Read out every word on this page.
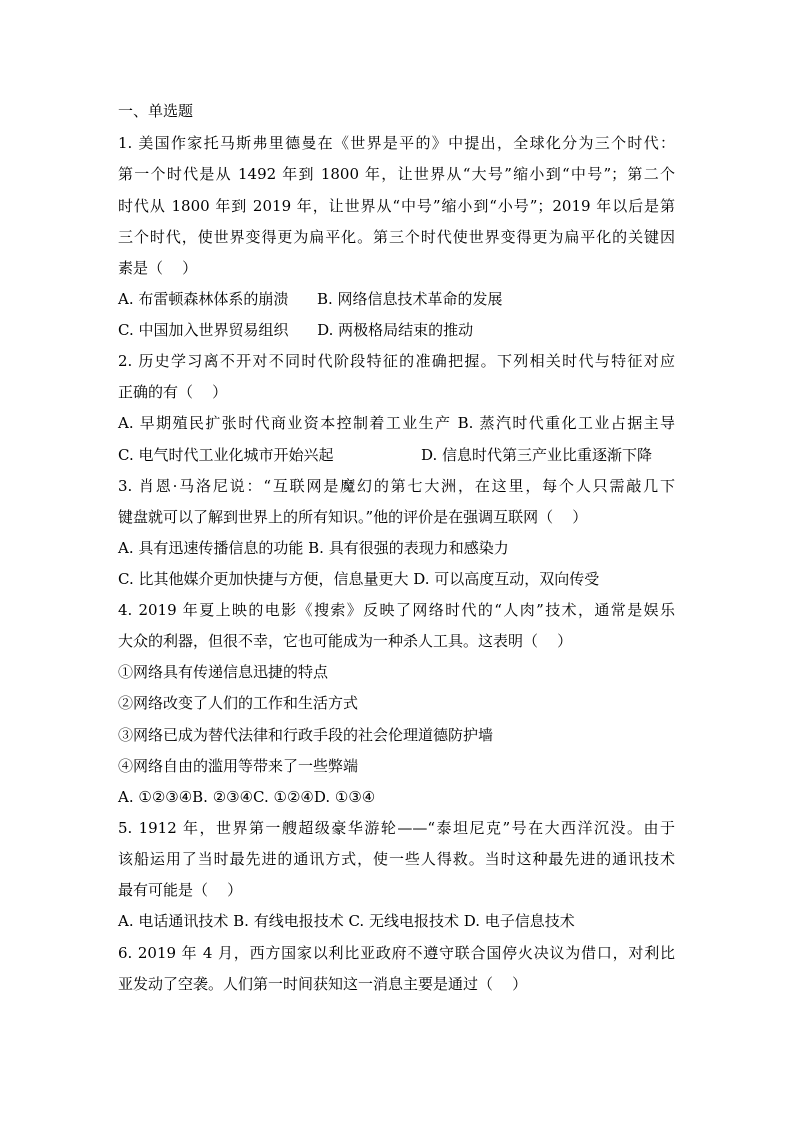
一、单选题
1. 美国作家托马斯弗里德曼在《世界是平的》中提出，全球化分为三个时代：
第一个时代是从 1492 年到 1800 年，让世界从“大号”缩小到“中号”；第二个
时代从 1800 年到 2019 年，让世界从“中号”缩小到“小号”；2019 年以后是第
三个时代，使世界变得更为扁平化。第三个时代使世界变得更为扁平化的关键因
素是（    ）
A. 布雷顿森林体系的崩溃      B. 网络信息技术革命的发展
C. 中国加入世界贸易组织      D. 两极格局结束的推动
2. 历史学习离不开对不同时代阶段特征的准确把握。下列相关时代与特征对应
正确的有（    ）
A. 早期殖民扩张时代商业资本控制着工业生产 B. 蒸汽时代重化工业占据主导
C. 电气时代工业化城市开始兴起	D. 信息时代第三产业比重逐渐下降
3. 肖恩·马洛尼说：“互联网是魔幻的第七大洲，在这里，每个人只需敲几下
键盘就可以了解到世界上的所有知识。”他的评价是在强调互联网（    ）
A. 具有迅速传播信息的功能 B. 具有很强的表现力和感染力
C. 比其他媒介更加快捷与方便，信息量更大 D. 可以高度互动，双向传受
4. 2019 年夏上映的电影《搜索》反映了网络时代的“人肉”技术，通常是娱乐
大众的利器，但很不幸，它也可能成为一种杀人工具。这表明（    ）
①网络具有传递信息迅捷的特点
②网络改变了人们的工作和生活方式
③网络已成为替代法律和行政手段的社会伦理道德防护墙
④网络自由的滥用等带来了一些弊端
A. ①②③④B. ②③④C. ①②④D. ①③④
5. 1912 年，世界第一艘超级豪华游轮——“泰坦尼克”号在大西洋沉没。由于
该船运用了当时最先进的通讯方式，使一些人得救。当时这种最先进的通讯技术
最有可能是（    ）
A. 电话通讯技术 B. 有线电报技术 C. 无线电报技术 D. 电子信息技术
6. 2019 年 4 月，西方国家以利比亚政府不遵守联合国停火决议为借口，对利比
亚发动了空袭。人们第一时间获知这一消息主要是通过（    ）
